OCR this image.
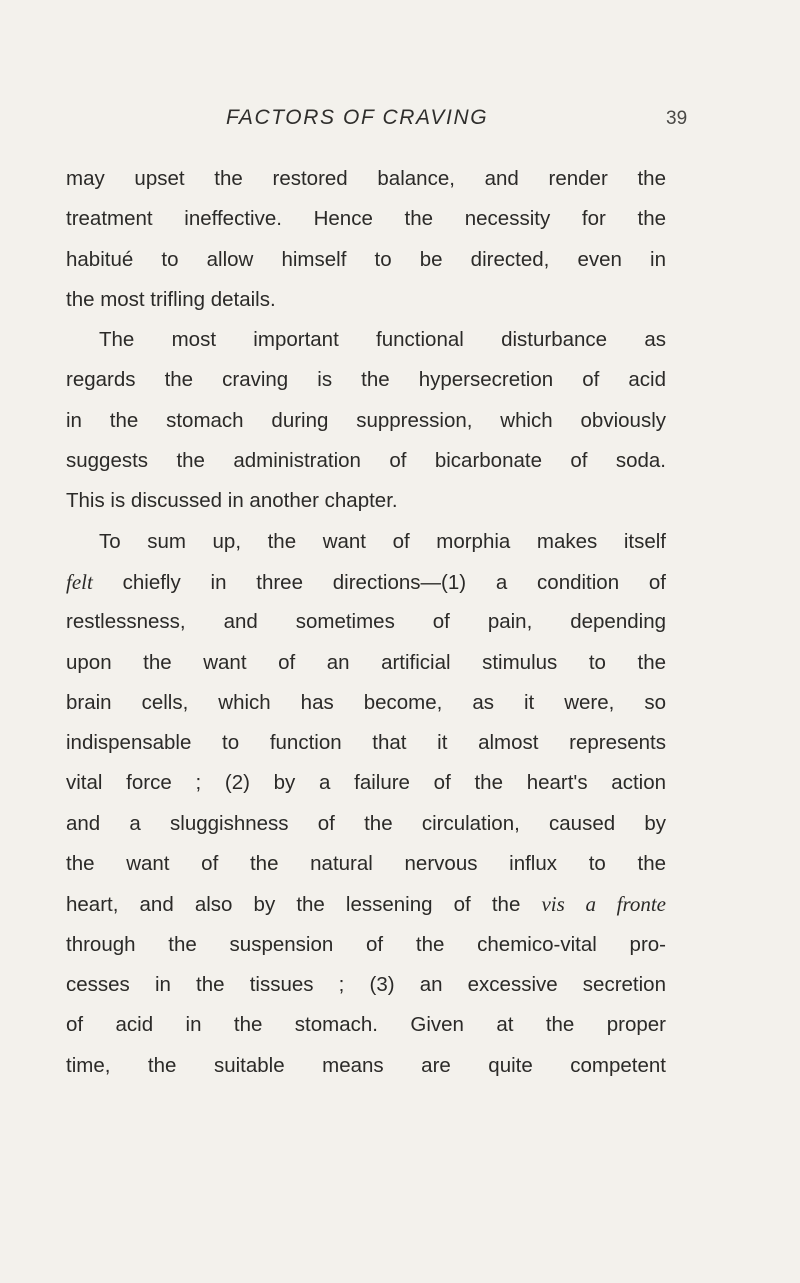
FACTORS OF CRAVING	39
may upset the restored balance, and render the
treatment ineffective. Hence the necessity for the
habitué to allow himself to be directed, even in
the most trifling details.
The most important functional disturbance as
regards the craving is the hypersecretion of acid
in the stomach during suppression, which obviously
suggests the administration of bicarbonate of soda.
This is discussed in another chapter.
To sum up, the want of morphia makes itself
felt chiefly in three directions—(1) a condition of
restlessness, and sometimes of pain, depending
upon the want of an artificial stimulus to the
brain cells, which has become, as it were, so
indispensable to function that it almost represents
vital force ; (2) by a failure of the heart's action
and a sluggishness of the circulation, caused by
the want of the natural nervous influx to the
heart, and also by the lessening of the vis a fronte
through the suspension of the chemico-vital pro-
cesses in the tissues ; (3) an excessive secretion
of acid in the stomach. Given at the proper
time, the suitable means are quite competent
